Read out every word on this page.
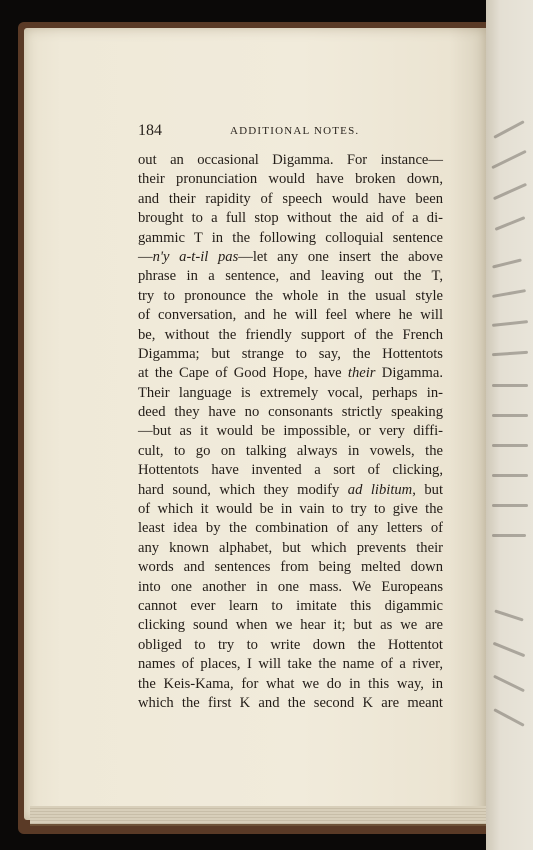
184	ADDITIONAL NOTES.
out an occasional Digamma. For instance—
their pronunciation would have broken down,
and their rapidity of speech would have been
brought to a full stop without the aid of a di-
gammic T in the following colloquial sentence
—n'y a-t-il pas—let any one insert the above
phrase in a sentence, and leaving out the T,
try to pronounce the whole in the usual style
of conversation, and he will feel where he will
be, without the friendly support of the French
Digamma; but strange to say, the Hottentots
at the Cape of Good Hope, have their Digamma.
Their language is extremely vocal, perhaps in-
deed they have no consonants strictly speaking
—but as it would be impossible, or very diffi-
cult, to go on talking always in vowels, the
Hottentots have invented a sort of clicking,
hard sound, which they modify ad libitum, but
of which it would be in vain to try to give the
least idea by the combination of any letters of
any known alphabet, but which prevents their
words and sentences from being melted down
into one another in one mass. We Europeans
cannot ever learn to imitate this digammic
clicking sound when we hear it; but as we are
obliged to try to write down the Hottentot
names of places, I will take the name of a river,
the Keis-Kama, for what we do in this way, in
which the first K and the second K are meant
